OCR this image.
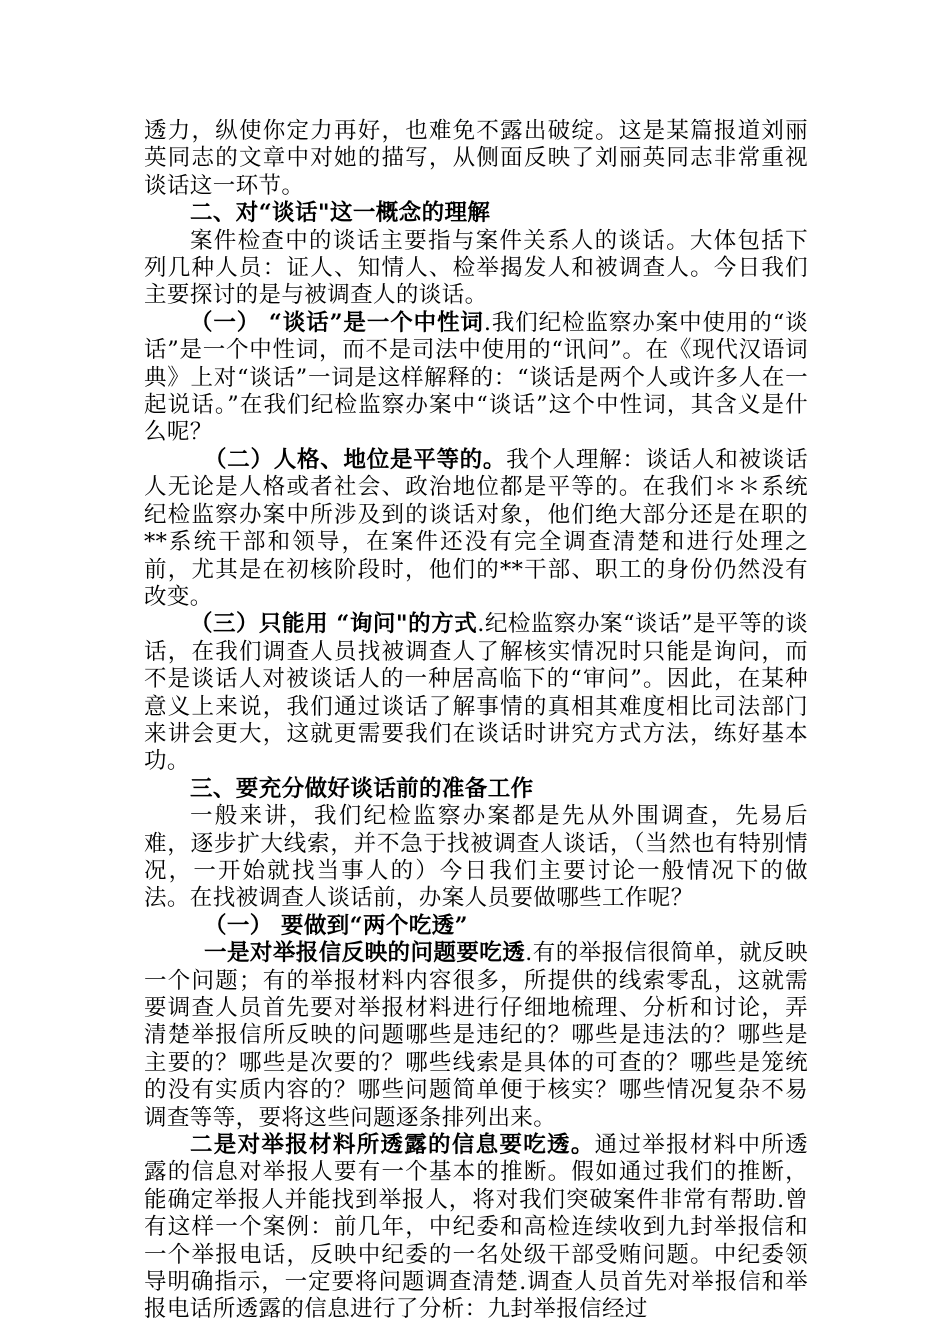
透力，纵使你定力再好，也难免不露出破绽。这是某篇报道刘丽英同志的文章中对她的描写，从侧面反映了刘丽英同志非常重视谈话这一环节。

二、对“谈话"这一概念的理解

案件检查中的谈话主要指与案件关系人的谈话。大体包括下列几种人员：证人、知情人、检举揭发人和被调查人。今日我们主要探讨的是与被调查人的谈话。

（一） “谈话”是一个中性词.我们纪检监察办案中使用的“谈话”是一个中性词，而不是司法中使用的“讯问”。在《现代汉语词典》上对“谈话”一词是这样解释的：“谈话是两个人或许多人在一起说话。”在我们纪检监察办案中“谈话”这个中性词，其含义是什么呢？

（二）人格、地位是平等的。我个人理解：谈话人和被谈话人无论是人格或者社会、政治地位都是平等的。在我们＊＊系统纪检监察办案中所涉及到的谈话对象，他们绝大部分还是在职的**系统干部和领导，在案件还没有完全调查清楚和进行处理之前，尤其是在初核阶段时，他们的**干部、职工的身份仍然没有改变。

（三）只能用 “询问"的方式.纪检监察办案“谈话”是平等的谈话，在我们调查人员找被调查人了解核实情况时只能是询问，而不是谈话人对被谈话人的一种居高临下的“审问”。因此，在某种意义上来说，我们通过谈话了解事情的真相其难度相比司法部门来讲会更大，这就更需要我们在谈话时讲究方式方法，练好基本功。

三、要充分做好谈话前的准备工作

一般来讲，我们纪检监察办案都是先从外围调查，先易后难，逐步扩大线索，并不急于找被调查人谈话，（当然也有特别情况，一开始就找当事人的）今日我们主要讨论一般情况下的做法。在找被调查人谈话前，办案人员要做哪些工作呢？

（一） 要做到“两个吃透”

一是对举报信反映的问题要吃透.有的举报信很简单，就反映一个问题；有的举报材料内容很多，所提供的线索零乱，这就需要调查人员首先要对举报材料进行仔细地梳理、分析和讨论，弄清楚举报信所反映的问题哪些是违纪的？哪些是违法的？哪些是主要的？哪些是次要的？哪些线索是具体的可查的？哪些是笼统的没有实质内容的？哪些问题简单便于核实？哪些情况复杂不易调查等等，要将这些问题逐条排列出来。

二是对举报材料所透露的信息要吃透。通过举报材料中所透露的信息对举报人要有一个基本的推断。假如通过我们的推断，能确定举报人并能找到举报人，将对我们突破案件非常有帮助.曾有这样一个案例：前几年，中纪委和高检连续收到九封举报信和一个举报电话，反映中纪委的一名处级干部受贿问题。中纪委领导明确指示，一定要将问题调查清楚.调查人员首先对举报信和举报电话所透露的信息进行了分析：九封举报信经过
